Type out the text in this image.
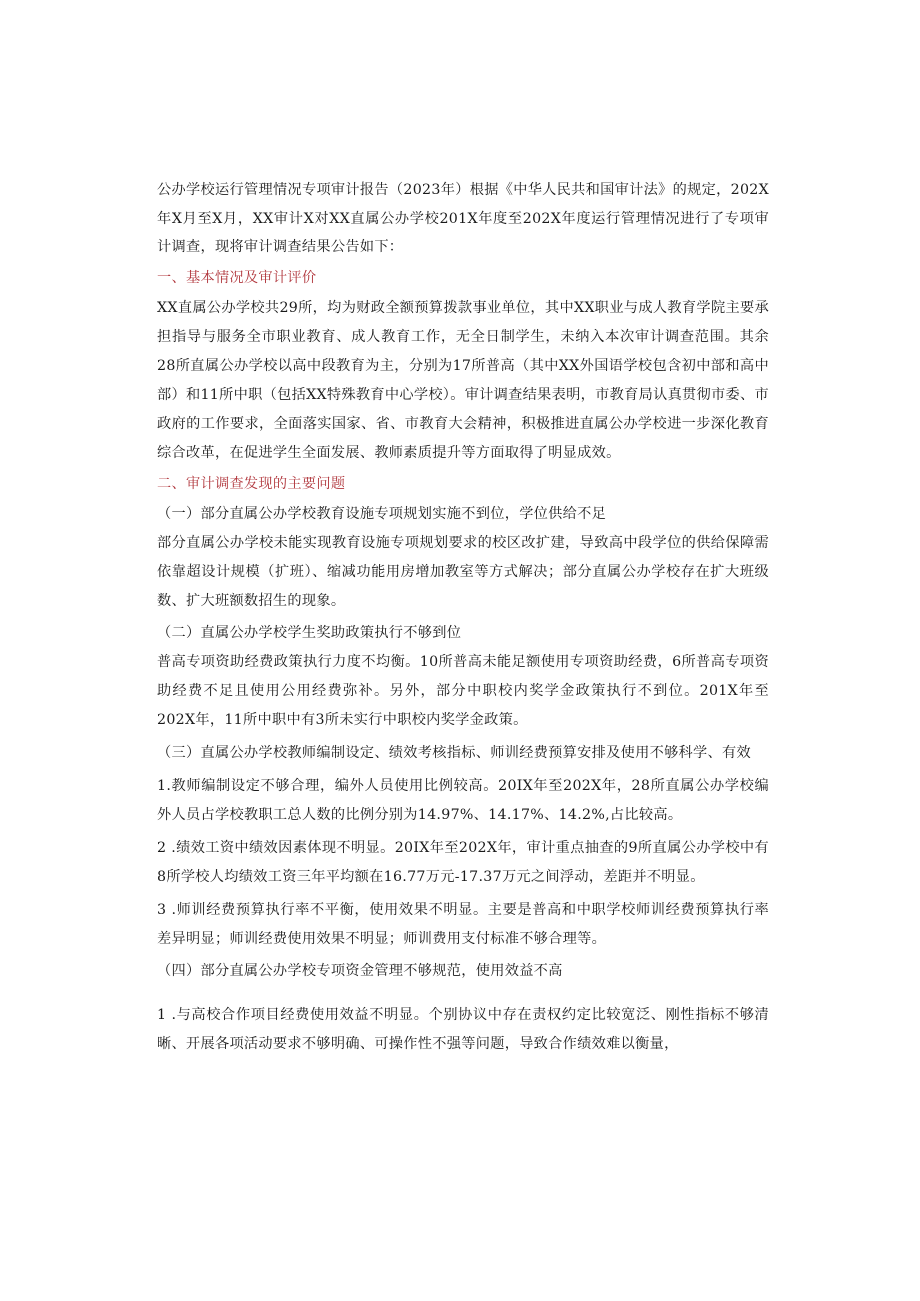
公办学校运行管理情况专项审计报告（2023年）根据《中华人民共和国审计法》的规定，202X年X月至X月，XX审计X对XX直属公办学校201X年度至202X年度运行管理情况进行了专项审计调查，现将审计调查结果公告如下：

一、基本情况及审计评价

XX直属公办学校共29所，均为财政全额预算拨款事业单位，其中XX职业与成人教育学院主要承担指导与服务全市职业教育、成人教育工作，无全日制学生，未纳入本次审计调查范围。其余28所直属公办学校以高中段教育为主，分别为17所普高（其中XX外国语学校包含初中部和高中部）和11所中职（包括XX特殊教育中心学校）。审计调查结果表明，市教育局认真贯彻市委、市政府的工作要求，全面落实国家、省、市教育大会精神，积极推进直属公办学校进一步深化教育综合改革，在促进学生全面发展、教师素质提升等方面取得了明显成效。

二、审计调查发现的主要问题
（一）部分直属公办学校教育设施专项规划实施不到位，学位供给不足

部分直属公办学校未能实现教育设施专项规划要求的校区改扩建，导致高中段学位的供给保障需依靠超设计规模（扩班）、缩减功能用房增加教室等方式解决；部分直属公办学校存在扩大班级数、扩大班额数招生的现象。

（二）直属公办学校学生奖助政策执行不够到位

普高专项资助经费政策执行力度不均衡。10所普高未能足额使用专项资助经费，6所普高专项资助经费不足且使用公用经费弥补。另外，部分中职校内奖学金政策执行不到位。201X年至202X年，11所中职中有3所未实行中职校内奖学金政策。

（三）直属公办学校教师编制设定、绩效考核指标、师训经费预算安排及使用不够科学、有效

1.教师编制设定不够合理，编外人员使用比例较高。20IX年至202X年，28所直属公办学校编外人员占学校教职工总人数的比例分别为14.97%、14.17%、14.2%,占比较高。

2 .绩效工资中绩效因素体现不明显。20IX年至202X年，审计重点抽查的9所直属公办学校中有8所学校人均绩效工资三年平均额在16.77万元-17.37万元之间浮动，差距并不明显。

3 .师训经费预算执行率不平衡，使用效果不明显。主要是普高和中职学校师训经费预算执行率差异明显；师训经费使用效果不明显；师训费用支付标准不够合理等。

（四）部分直属公办学校专项资金管理不够规范，使用效益不高

1 .与高校合作项目经费使用效益不明显。个别协议中存在责权约定比较宽泛、刚性指标不够清晰、开展各项活动要求不够明确、可操作性不强等问题，导致合作绩效难以衡量，
